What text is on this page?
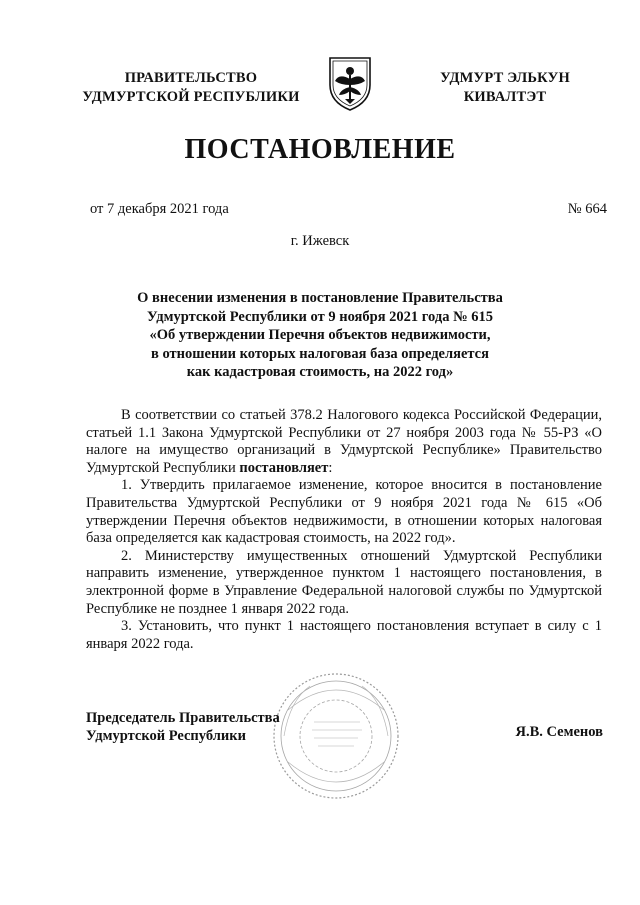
ПРАВИТЕЛЬСТВО
УДМУРТСКОЙ РЕСПУБЛИКИ
УДМУРТ ЭЛЬКУН
КИВАЛТЭТ
ПОСТАНОВЛЕНИЕ
от 7 декабря 2021 года	№ 664
г. Ижевск
О внесении изменения в постановление Правительства
Удмуртской Республики от 9 ноября 2021 года № 615
«Об утверждении Перечня объектов недвижимости,
в отношении которых налоговая база определяется
как кадастровая стоимость, на 2022 год»

В соответствии со статьей 378.2 Налогового кодекса Российской Федерации, статьей 1.1 Закона Удмуртской Республики от 27 ноября 2003 года № 55-РЗ «О налоге на имущество организаций в Удмуртской Республике» Правительство Удмуртской Республики постановляет:

1. Утвердить прилагаемое изменение, которое вносится в постановление Правительства Удмуртской Республики от 9 ноября 2021 года № 615 «Об утверждении Перечня объектов недвижимости, в отношении которых налоговая база определяется как кадастровая стоимость, на 2022 год».

2. Министерству имущественных отношений Удмуртской Республики направить изменение, утвержденное пунктом 1 настоящего постановления, в электронной форме в Управление Федеральной налоговой службы по Удмуртской Республике не позднее 1 января 2022 года.

3. Установить, что пункт 1 настоящего постановления вступает в силу с 1 января 2022 года.

Председатель Правительства
Удмуртской Республики	Я.В. Семенов
